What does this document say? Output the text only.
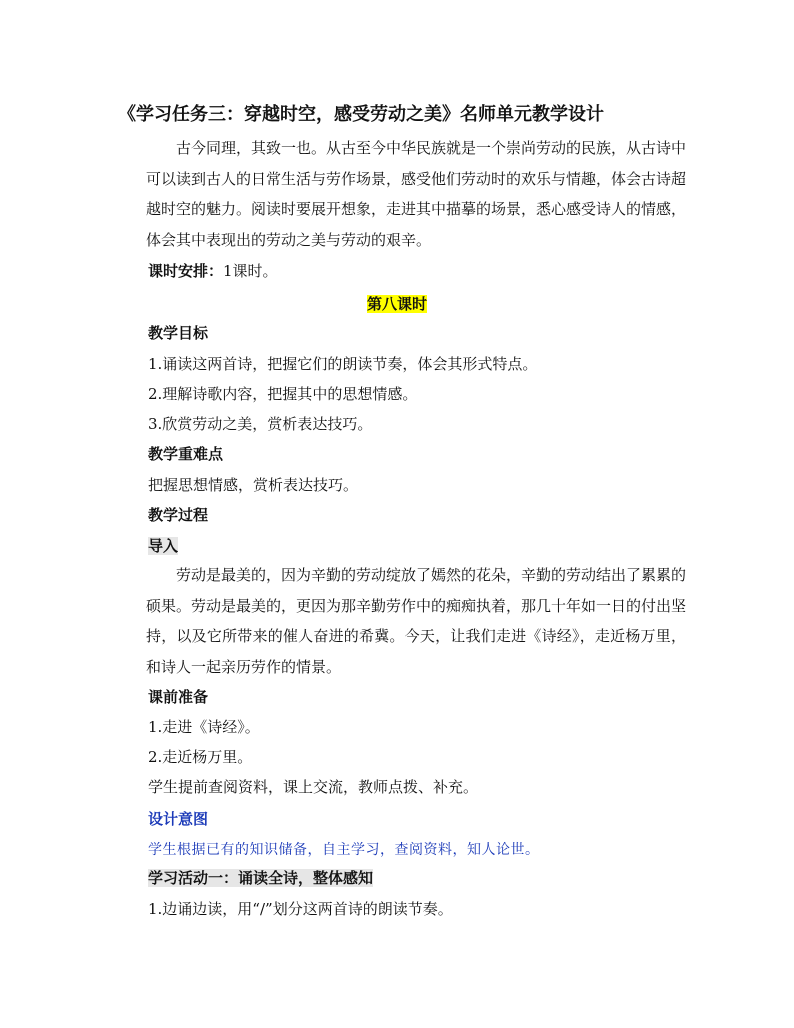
《学习任务三：穿越时空，感受劳动之美》名师单元教学设计

古今同理，其致一也。从古至今中华民族就是一个崇尚劳动的民族，从古诗中可以读到古人的日常生活与劳作场景，感受他们劳动时的欢乐与情趣，体会古诗超越时空的魅力。阅读时要展开想象，走进其中描摹的场景，悉心感受诗人的情感，体会其中表现出的劳动之美与劳动的艰辛。

课时安排：1课时。
第八课时
教学目标
1.诵读这两首诗，把握它们的朗读节奏，体会其形式特点。
2.理解诗歌内容，把握其中的思想情感。
3.欣赏劳动之美，赏析表达技巧。
教学重难点
把握思想情感，赏析表达技巧。
教学过程
导入

劳动是最美的，因为辛勤的劳动绽放了嫣然的花朵，辛勤的劳动结出了累累的硕果。劳动是最美的，更因为那辛勤劳作中的痴痴执着，那几十年如一日的付出坚持，以及它所带来的催人奋进的希冀。今天，让我们走进《诗经》，走近杨万里，和诗人一起亲历劳作的情景。

课前准备
1.走进《诗经》。
2.走近杨万里。
学生提前查阅资料，课上交流，教师点拨、补充。
设计意图
学生根据已有的知识储备，自主学习，查阅资料，知人论世。
学习活动一：诵读全诗，整体感知
1.边诵边读，用“/”划分这两首诗的朗读节奏。
